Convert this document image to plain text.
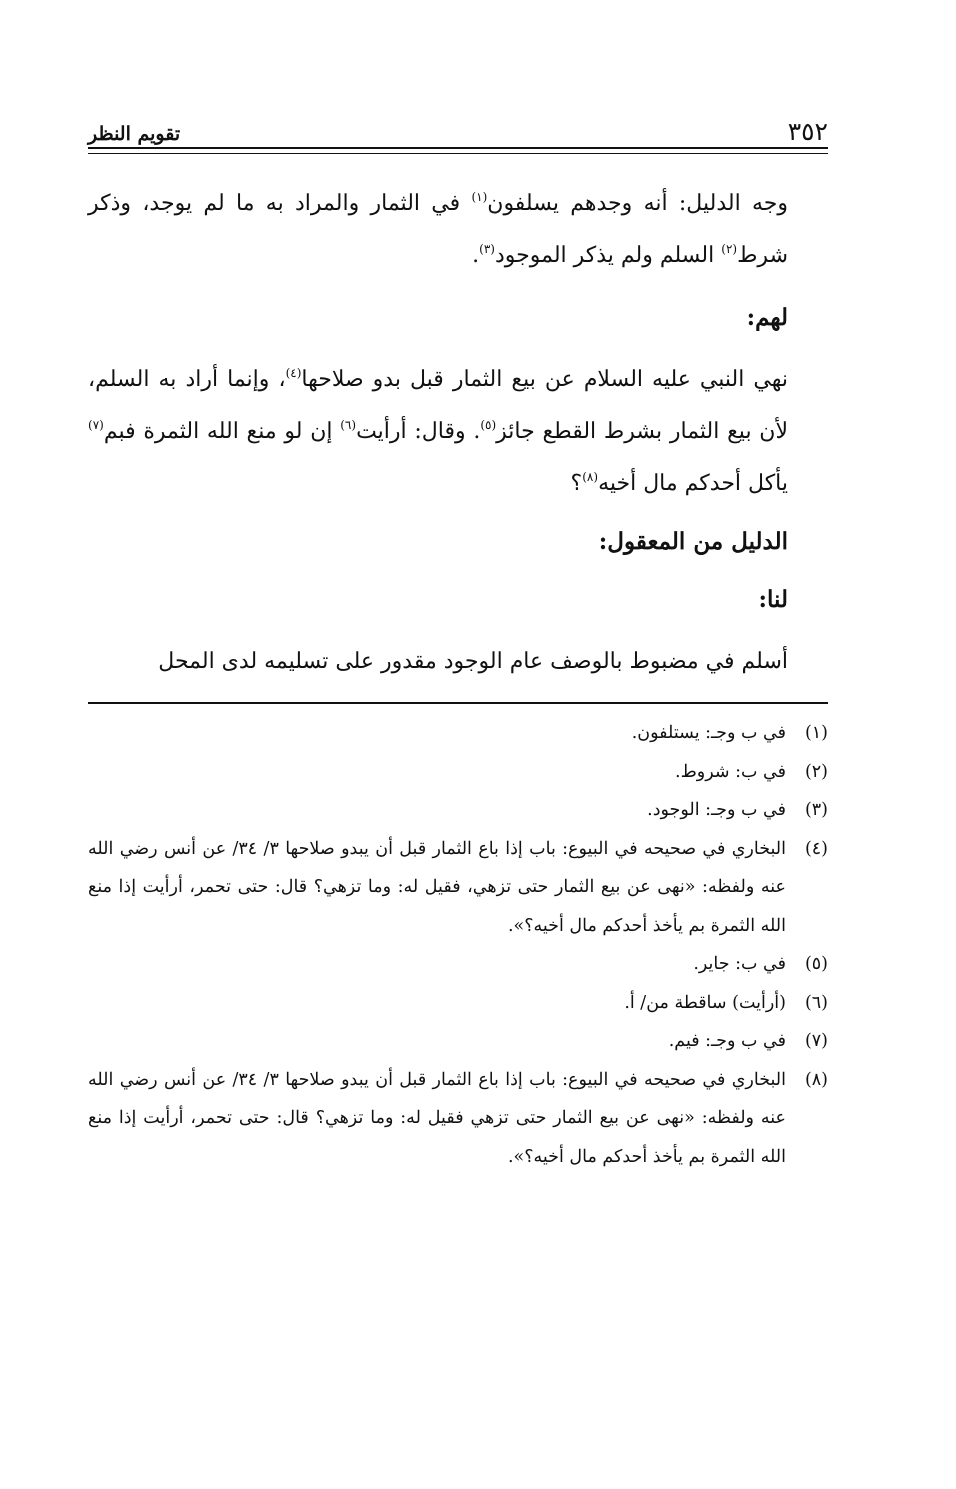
٣٥٢
تقويم النظر

وجه الدليل: أنه وجدهم يسلفون$^{(١)}$ في الثمار والمراد به ما لم يوجد، وذكر شرط$^{(٢)}$ السلم ولم يذكر الموجود$^{(٣)}$.

لهم:

نهي النبي عليه السلام عن بيع الثمار قبل بدو صلاحها$^{(٤)}$، وإنما أراد به السلم، لأن بيع الثمار بشرط القطع جائز$^{(٥)}$. وقال: أرأيت$^{(٦)}$ إن لو منع الله الثمرة فبم$^{(٧)}$ يأكل أحدكم مال أخيه$^{(٨)}$؟

الدليل من المعقول:

لنا:

أسلم في مضبوط بالوصف عام الوجود مقدور على تسليمه لدى المحل

(١)
في ب وجـ: يستلفون.
(٢)
في ب: شروط.
(٣)
في ب وجـ: الوجود.
(٤)
البخاري في صحيحه في البيوع: باب إذا باع الثمار قبل أن يبدو صلاحها ٣/ ٣٤/ عن أنس رضي الله عنه ولفظه: «نهى عن بيع الثمار حتى تزهي، فقيل له: وما تزهي؟ قال: حتى تحمر، أرأيت إذا منع الله الثمرة بم يأخذ أحدكم مال أخيه؟».
(٥)
في ب: جاير.
(٦)
(أرأيت) ساقطة من/ أ.
(٧)
في ب وجـ: فيم.
(٨)
البخاري في صحيحه في البيوع: باب إذا باع الثمار قبل أن يبدو صلاحها ٣/ ٣٤/ عن أنس رضي الله عنه ولفظه: «نهى عن بيع الثمار حتى تزهي فقيل له: وما تزهي؟ قال: حتى تحمر، أرأيت إذا منع الله الثمرة بم يأخذ أحدكم مال أخيه؟».
